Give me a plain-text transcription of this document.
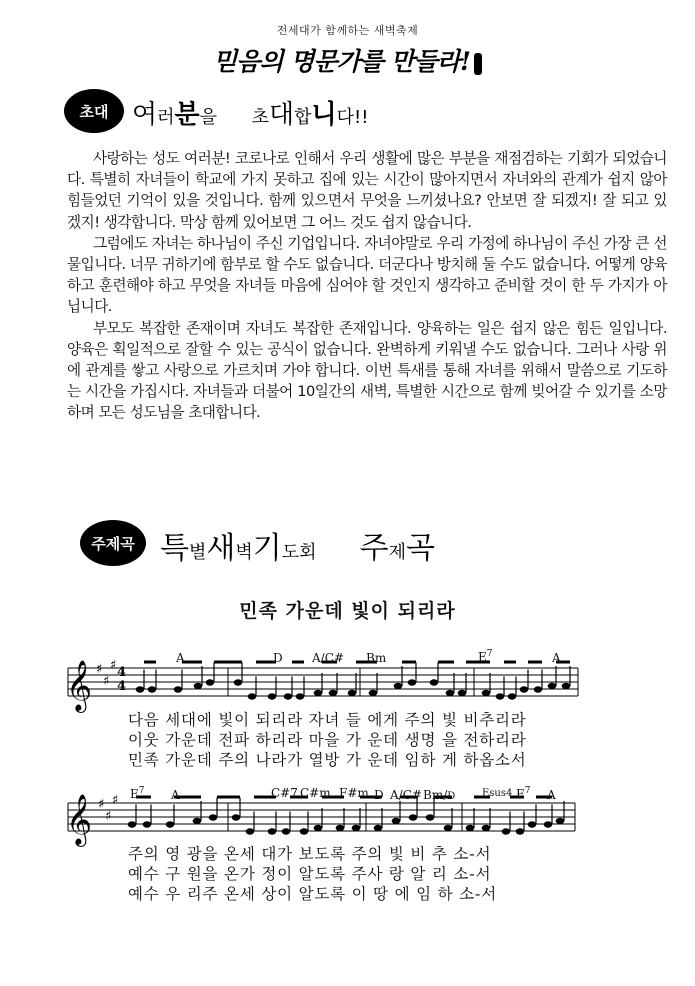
전세대가 함께하는 새벽축제
믿음의 명문가를 만들라!
초대 여러분을 초대합니다!!

사랑하는 성도 여러분! 코로나로 인해서 우리 생활에 많은 부분을 재점검하는 기회가 되었습니다. 특별히 자녀들이 학교에 가지 못하고 집에 있는 시간이 많아지면서 자녀와의 관계가 쉽지 않아 힘들었던 기억이 있을 것입니다. 함께 있으면서 무엇을 느끼셨나요? 안보면 잘 되겠지! 잘 되고 있겠지! 생각합니다. 막상 함께 있어보면 그 어느 것도 쉽지 않습니다.

그럼에도 자녀는 하나님이 주신 기업입니다. 자녀야말로 우리 가정에 하나님이 주신 가장 큰 선물입니다. 너무 귀하기에 함부로 할 수도 없습니다. 더군다나 방치해 둘 수도 없습니다. 어떻게 양육하고 훈련해야 하고 무엇을 자녀들 마음에 심어야 할 것인지 생각하고 준비할 것이 한 두 가지가 아닙니다.

부모도 복잡한 존재이며 자녀도 복잡한 존재입니다. 양육하는 일은 쉽지 않은 힘든 일입니다. 양육은 획일적으로 잘할 수 있는 공식이 없습니다. 완벽하게 키워낼 수도 없습니다. 그러나 사랑 위에 관계를 쌓고 사랑으로 가르치며 가야 합니다. 이번 특새를 통해 자녀를 위해서 말씀으로 기도하는 시간을 가집시다. 자녀들과 더불어 10일간의 새벽, 특별한 시간으로 함께 빚어갈 수 있기를 소망하며 모든 성도님을 초대합니다.

주제곡 특별새벽기도회 주제곡
민족 가운데 빛이 되리라
4
4
𝄞
𝄞
♯
♯
♯
♯
♯
♯
A	D A/C# Bm	$E^7$	A
다음 세대에 빛이 되리라 자녀 들 에게 주의 빛 비추리라
이웃 가운데 전파 하리라 마을 가 운데 생명 을 전하리라
민족 가운데 주의 나라가 열방 가 운데 임하 게 하옵소서
$E^7$ A	C#7 C#m F#m D A/C# Bm/D	Esus4 $E^7$ A
주의 영 광을 온세 대가 보도록 주의 빛 비 추 소-서
예수 구 원을 온가 정이 알도록 주사 랑 알 리 소-서
예수 우 리주 온세 상이 알도록 이 땅 에 임 하 소-서
